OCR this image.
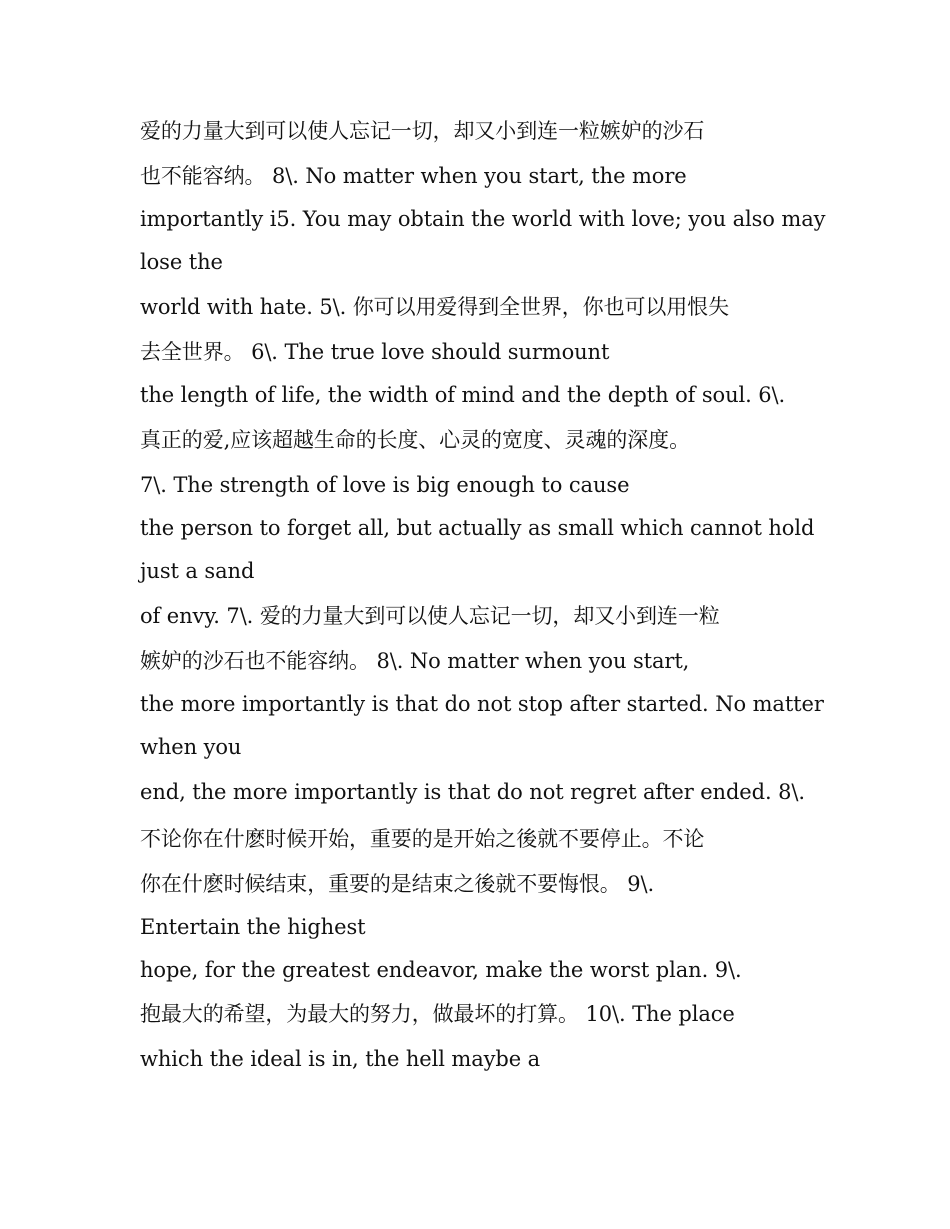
爱的力量大到可以使人忘记一切，却又小到连一粒嫉妒的沙石
也不能容纳。 8\. No matter when you start, the more
importantly i5. You may obtain the world with love; you also may
lose the
world with hate. 5\. 你可以用爱得到全世界，你也可以用恨失
去全世界。 6\. The true love should surmount
the length of life, the width of mind and the depth of soul. 6\.
真正的爱,应该超越生命的长度、心灵的宽度、灵魂的深度。
7\. The strength of love is big enough to cause
the person to forget all, but actually as small which cannot hold
just a sand
of envy. 7\. 爱的力量大到可以使人忘记一切，却又小到连一粒
嫉妒的沙石也不能容纳。 8\. No matter when you start,
the more importantly is that do not stop after started. No matter
when you
end, the more importantly is that do not regret after ended. 8\.
不论你在什麽时候开始，重要的是开始之後就不要停止。不论
你在什麽时候结束，重要的是结束之後就不要悔恨。 9\.
Entertain the highest
hope, for the greatest endeavor, make the worst plan. 9\.
抱最大的希望，为最大的努力，做最坏的打算。 10\. The place
which the ideal is in, the hell maybe a
